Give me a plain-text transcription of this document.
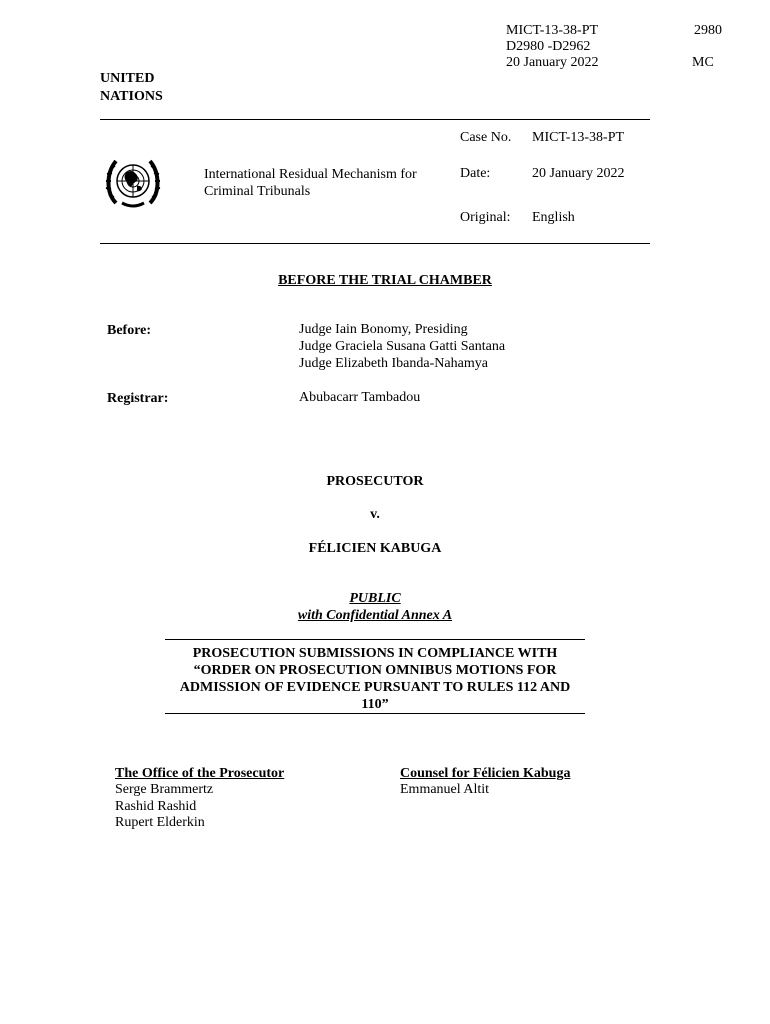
MICT-13-38-PT
D2980 -D2962
20 January 2022
2980
MC
UNITED
NATIONS
International Residual Mechanism for
Criminal Tribunals
Case No. MICT-13-38-PT
Date:	20 January 2022
Original: English
BEFORE THE TRIAL CHAMBER
Before:	Judge Iain Bonomy, Presiding
Judge Graciela Susana Gatti Santana
Judge Elizabeth Ibanda-Nahamya
Registrar:	Abubacarr Tambadou
PROSECUTOR
v.
FÉLICIEN KABUGA
PUBLIC
with Confidential Annex A
PROSECUTION SUBMISSIONS IN COMPLIANCE WITH
“ORDER ON PROSECUTION OMNIBUS MOTIONS FOR
ADMISSION OF EVIDENCE PURSUANT TO RULES 112 AND
110”
The Office of the Prosecutor
Serge Brammertz
Rashid Rashid
Rupert Elderkin
Counsel for Félicien Kabuga
Emmanuel Altit
